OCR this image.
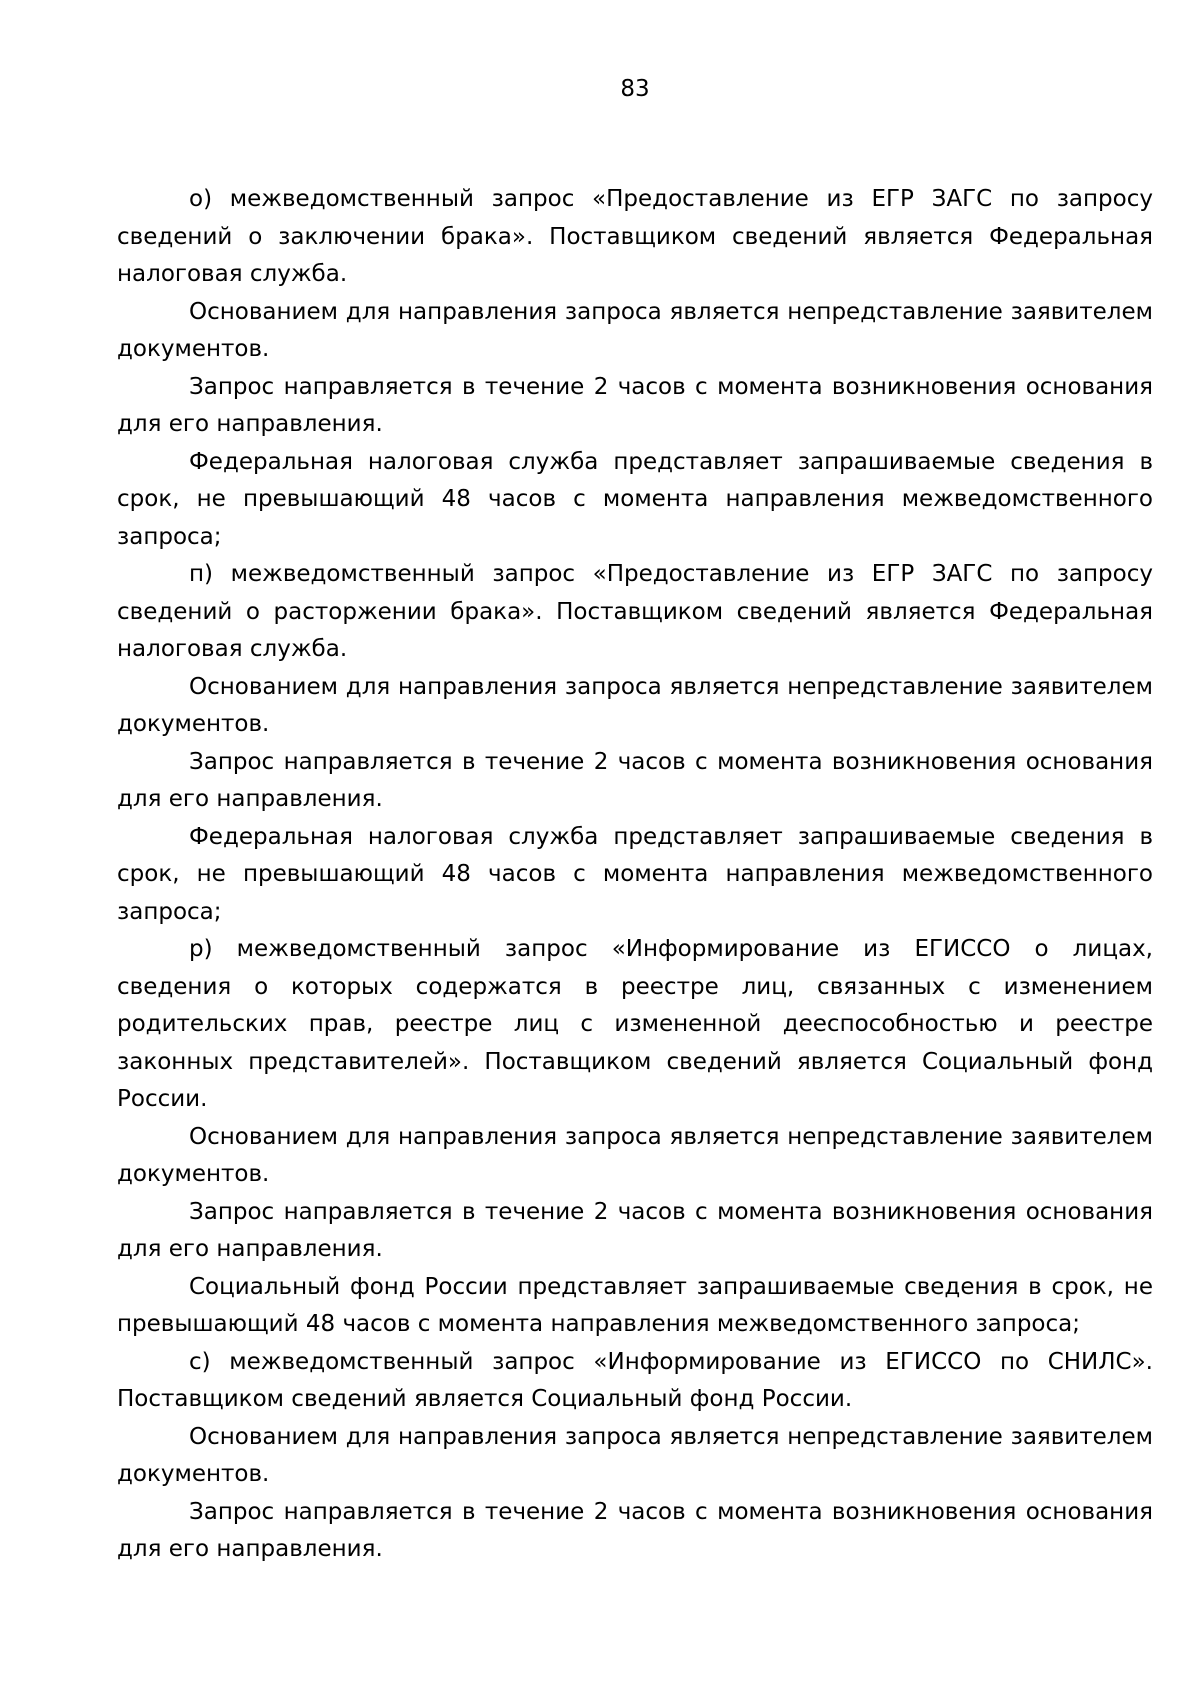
83

о) межведомственный запрос «Предоставление из ЕГР ЗАГС по запросу сведений о заключении брака». Поставщиком сведений является Федеральная налоговая служба.

Основанием для направления запроса является непредставление заявителем документов.

Запрос направляется в течение 2 часов с момента возникновения основания для его направления.

Федеральная налоговая служба представляет запрашиваемые сведения в срок, не превышающий 48 часов с момента направления межведомственного запроса;

п) межведомственный запрос «Предоставление из ЕГР ЗАГС по запросу сведений о расторжении брака». Поставщиком сведений является Федеральная налоговая служба.

Основанием для направления запроса является непредставление заявителем документов.

Запрос направляется в течение 2 часов с момента возникновения основания для его направления.

Федеральная налоговая служба представляет запрашиваемые сведения в срок, не превышающий 48 часов с момента направления межведомственного запроса;

р) межведомственный запрос «Информирование из ЕГИССО о лицах, сведения о которых содержатся в реестре лиц, связанных с изменением родительских прав, реестре лиц с измененной дееспособностью и реестре законных представителей». Поставщиком сведений является Социальный фонд России.

Основанием для направления запроса является непредставление заявителем документов.

Запрос направляется в течение 2 часов с момента возникновения основания для его направления.

Социальный фонд России представляет запрашиваемые сведения в срок, не превышающий 48 часов с момента направления межведомственного запроса;

с) межведомственный запрос «Информирование из ЕГИССО по СНИЛС». Поставщиком сведений является Социальный фонд России.

Основанием для направления запроса является непредставление заявителем документов.

Запрос направляется в течение 2 часов с момента возникновения основания для его направления.
